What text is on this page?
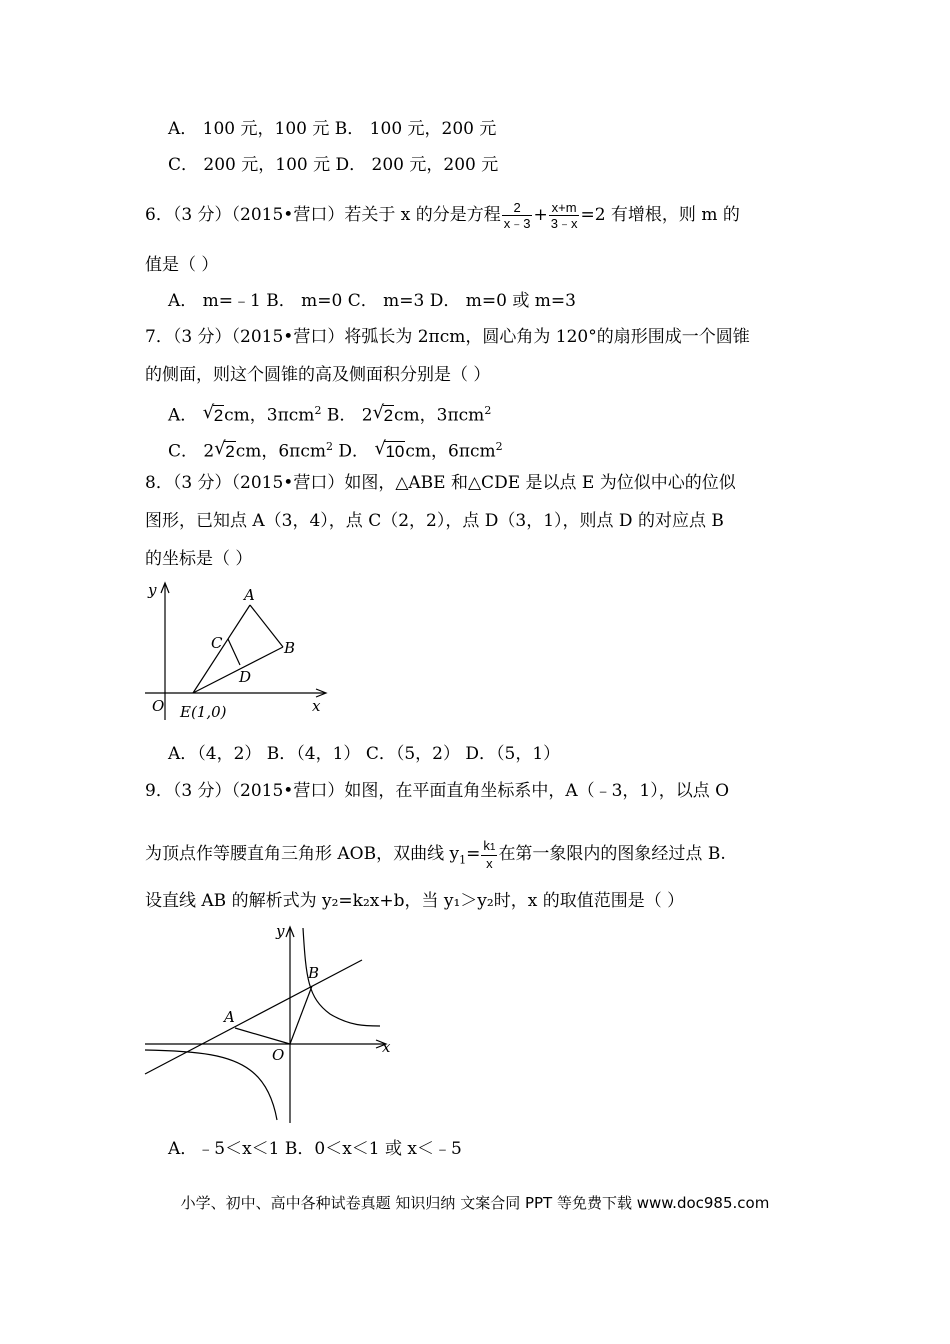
A． 100 元，100 元 B． 100 元，200 元
C． 200 元，100 元 D． 200 元，200 元
6．（3 分）（2015•营口）若关于 x 的分是方程 $\frac{2}{x﹣3} + \frac{x+m}{3﹣x} =2$ 有增根，则 m 的
值是（ ）
A． m=﹣1 B． m=0 C． m=3 D． m=0 或 m=3
7．（3 分）（2015•营口）将弧长为 2πcm，圆心角为 120°的扇形围成一个圆锥
的侧面，则这个圆锥的高及侧面积分别是（ ）
A． √ 2cm，3πcm$^2$ B． 2 √ 2cm，3πcm$^2$
C． 2 √ 2cm，6πcm$^2$ D． √ 10cm，6πcm$^2$
8．（3 分）（2015•营口）如图，△ABE 和△CDE 是以点 E 为位似中心的位似
图形，已知点 A（3，4），点 C（2，2），点 D（3，1），则点 D 的对应点 B
的坐标是（ ）
y
x
O
A
B
C
D
E(1,0)
A．（4，2） B．（4，1） C．（5，2） D．（5，1）
9．（3 分）（2015•营口）如图，在平面直角坐标系中，A（﹣3，1），以点 O
为顶点作等腰直角三角形 AOB，双曲线 $y_1= \frac{k1}{x}$ 在第一象限内的图象经过点 B.
设直线 AB 的解析式为 y₂=k₂x+b，当 y₁＞y₂时，x 的取值范围是（ ）
y
x
O
A
B
A．﹣5＜x＜1 B．0＜x＜1 或 x＜﹣5
小学、初中、高中各种试卷真题 知识归纳 文案合同 PPT 等免费下载 www.doc985.com
